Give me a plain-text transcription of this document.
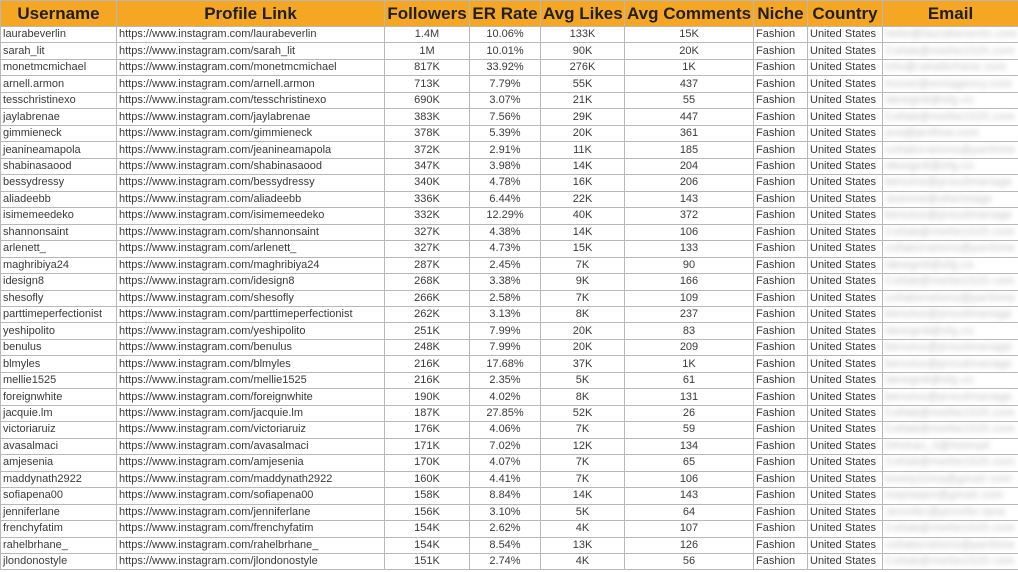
Username	Profile Link	Followers	ER Rate	Avg Likes	Avg Comments	Niche	Country	Email
laurabeverlin	https://www.instagram.com/laurabeverlin	1.4M	10.06%	133K	15K	Fashion	United States	hello@laurabeverlin.com
sarah_lit	https://www.instagram.com/sarah_lit	1M	10.01%	90K	20K	Fashion	United States	Collab@mellie1525.com
monetmcmichael	https://www.instagram.com/monetmcmichael	817K	33.92%	276K	1K	Fashion	United States	info@rahelbrhane.com
arnell.armon	https://www.instagram.com/arnell.armon	713K	7.79%	55K	437	Fashion	United States	monet@emiagency.com
tesschristinexo	https://www.instagram.com/tesschristinexo	690K	3.07%	21K	55	Fashion	United States	idesign8@sfg.co
jaylabrenae	https://www.instagram.com/jaylabrenae	383K	7.56%	29K	447	Fashion	United States	Collab@mellie1525.com
gimmieneck	https://www.instagram.com/gimmieneck	378K	5.39%	20K	361	Fashion	United States	ava@jenflow.com
jeanineamapola	https://www.instagram.com/jeanineamapola	372K	2.91%	11K	185	Fashion	United States	collaborations@parttime
shabinasaood	https://www.instagram.com/shabinasaood	347K	3.98%	14K	204	Fashion	United States	idesign8@sfg.co
bessydressy	https://www.instagram.com/bessydressy	340K	4.78%	16K	206	Fashion	United States	benulus@proudmanage
aliadeebb	https://www.instagram.com/aliadeebb	336K	6.44%	22K	143	Fashion	United States	Jeanine@afartstage
isimemeedeko	https://www.instagram.com/isimemeedeko	332K	12.29%	40K	372	Fashion	United States	benulus@proudmanage
shannonsaint	https://www.instagram.com/shannonsaint	327K	4.38%	14K	106	Fashion	United States	Collab@mellie1525.com
arlenett_	https://www.instagram.com/arlenett_	327K	4.73%	15K	133	Fashion	United States	collaborations@parttime
maghribiya24	https://www.instagram.com/maghribiya24	287K	2.45%	7K	90	Fashion	United States	idesign8@sfg.co
idesign8	https://www.instagram.com/idesign8	268K	3.38%	9K	166	Fashion	United States	Collab@mellie1525.com
shesofly	https://www.instagram.com/shesofly	266K	2.58%	7K	109	Fashion	United States	collaborations@parttime
parttimeperfectionist	https://www.instagram.com/parttimeperfectionist	262K	3.13%	8K	237	Fashion	United States	benulus@proudmanage
yeshipolito	https://www.instagram.com/yeshipolito	251K	7.99%	20K	83	Fashion	United States	idesign8@sfg.co
benulus	https://www.instagram.com/benulus	248K	7.99%	20K	209	Fashion	United States	benulus@proudmanage
blmyles	https://www.instagram.com/blmyles	216K	17.68%	37K	1K	Fashion	United States	benulus@proudmanage
mellie1525	https://www.instagram.com/mellie1525	216K	2.35%	5K	61	Fashion	United States	idesign8@sfg.co
foreignwhite	https://www.instagram.com/foreignwhite	190K	4.02%	8K	131	Fashion	United States	benulus@proudmanage
jacquie.lm	https://www.instagram.com/jacquie.lm	187K	27.85%	52K	26	Fashion	United States	Collab@mellie1525.com
victoriaruiz	https://www.instagram.com/victoriaruiz	176K	4.06%	7K	59	Fashion	United States	Collab@mellie1525.com
avasalmaci	https://www.instagram.com/avasalmaci	171K	7.02%	12K	134	Fashion	United States	Ohshan_li@hotmail
amjesenia	https://www.instagram.com/amjesenia	170K	4.07%	7K	65	Fashion	United States	Collab@mellie1525.com
maddynath2922	https://www.instagram.com/maddynath2922	160K	4.41%	7K	106	Fashion	United States	lovely22ma@gmail.com
sofiapena00	https://www.instagram.com/sofiapena00	158K	8.84%	14K	143	Fashion	United States	maytaqen@gmail.com
jenniferlane	https://www.instagram.com/jenniferlane	156K	3.10%	5K	64	Fashion	United States	Jennifer@jennifer.lane
frenchyfatim	https://www.instagram.com/frenchyfatim	154K	2.62%	4K	107	Fashion	United States	Collab@mellie1525.com
rahelbrhane_	https://www.instagram.com/rahelbrhane_	154K	8.54%	13K	126	Fashion	United States	collaborations@parttime
jlondonostyle	https://www.instagram.com/jlondonostyle	151K	2.74%	4K	56	Fashion	United States	Collab@mellie1525.com
